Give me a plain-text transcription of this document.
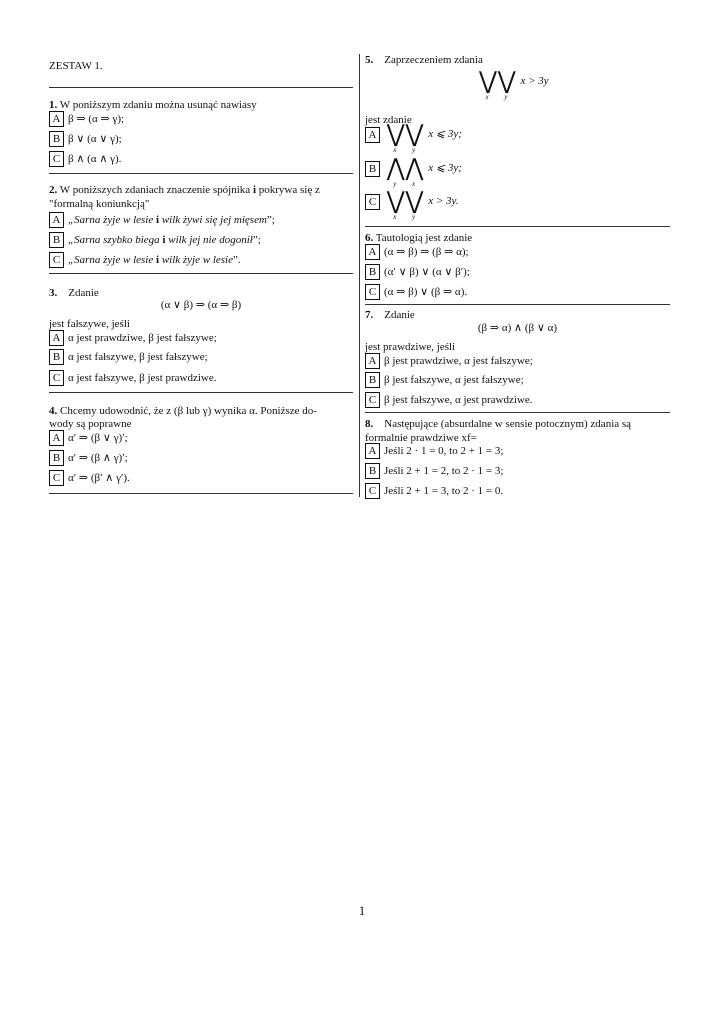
ZESTAW 1.
1. W poniższym zdaniu można usunąć nawiasy
A β ⇒ (α ⇒ γ);
B β ∨ (α ∨ γ);
C β ∧ (α ∧ γ).
2. W poniższych zdaniach znaczenie spójnika i pokrywa się z
"formalną koniunkcją"
A „Sarna żyje w lesie i wilk żywi się jej mięsem”;
B „Sarna szybko biega i wilk jej nie dogonił”;
C „Sarna żyje w lesie i wilk żyje w lesie”.
3. Zdanie
(α ∨ β) ⇒ (α ⇒ β)
jest fałszywe, jeśli
A α jest prawdziwe, β jest fałszywe;
B α jest fałszywe, β jest fałszywe;
C α jest fałszywe, β jest prawdziwe.
4. Chcemy udowodnić, że z (β lub γ) wynika α. Poniższe do-
wody są poprawne
A α′ ⇒ (β ∨ γ)′;
B α′ ⇒ (β ∧ γ)′;
C α′ ⇒ (β′ ∧ γ′).
5. Zaprzeczeniem zdania
⋁
x
⋁
y
x > 3y
jest zdanie
A ⋁
x
⋁
y
x ⩽ 3y;
B ⋀
y
⋀
x
x ⩽ 3y;
C ⋁
x
⋁
y
x > 3y.
6. Tautologią jest zdanie
A (α ⇒ β) ⇒ (β ⇒ α);
B (α′ ∨ β) ∨ (α ∨ β′);
C (α ⇒ β) ∨ (β ⇒ α).
7. Zdanie
(β ⇒ α) ∧ (β ∨ α)
jest prawdziwe, jeśli
A β jest prawdziwe, α jest fałszywe;
B β jest fałszywe, α jest fałszywe;
C β jest fałszywe, α jest prawdziwe.
8. Następujące (absurdalne w sensie potocznym) zdania są
formalnie prawdziwe xf=
A Jeśli 2 · 1 = 0, to 2 + 1 = 3;
B Jeśli 2 + 1 = 2, to 2 · 1 = 3;
C Jeśli 2 + 1 = 3, to 2 · 1 = 0.
1
